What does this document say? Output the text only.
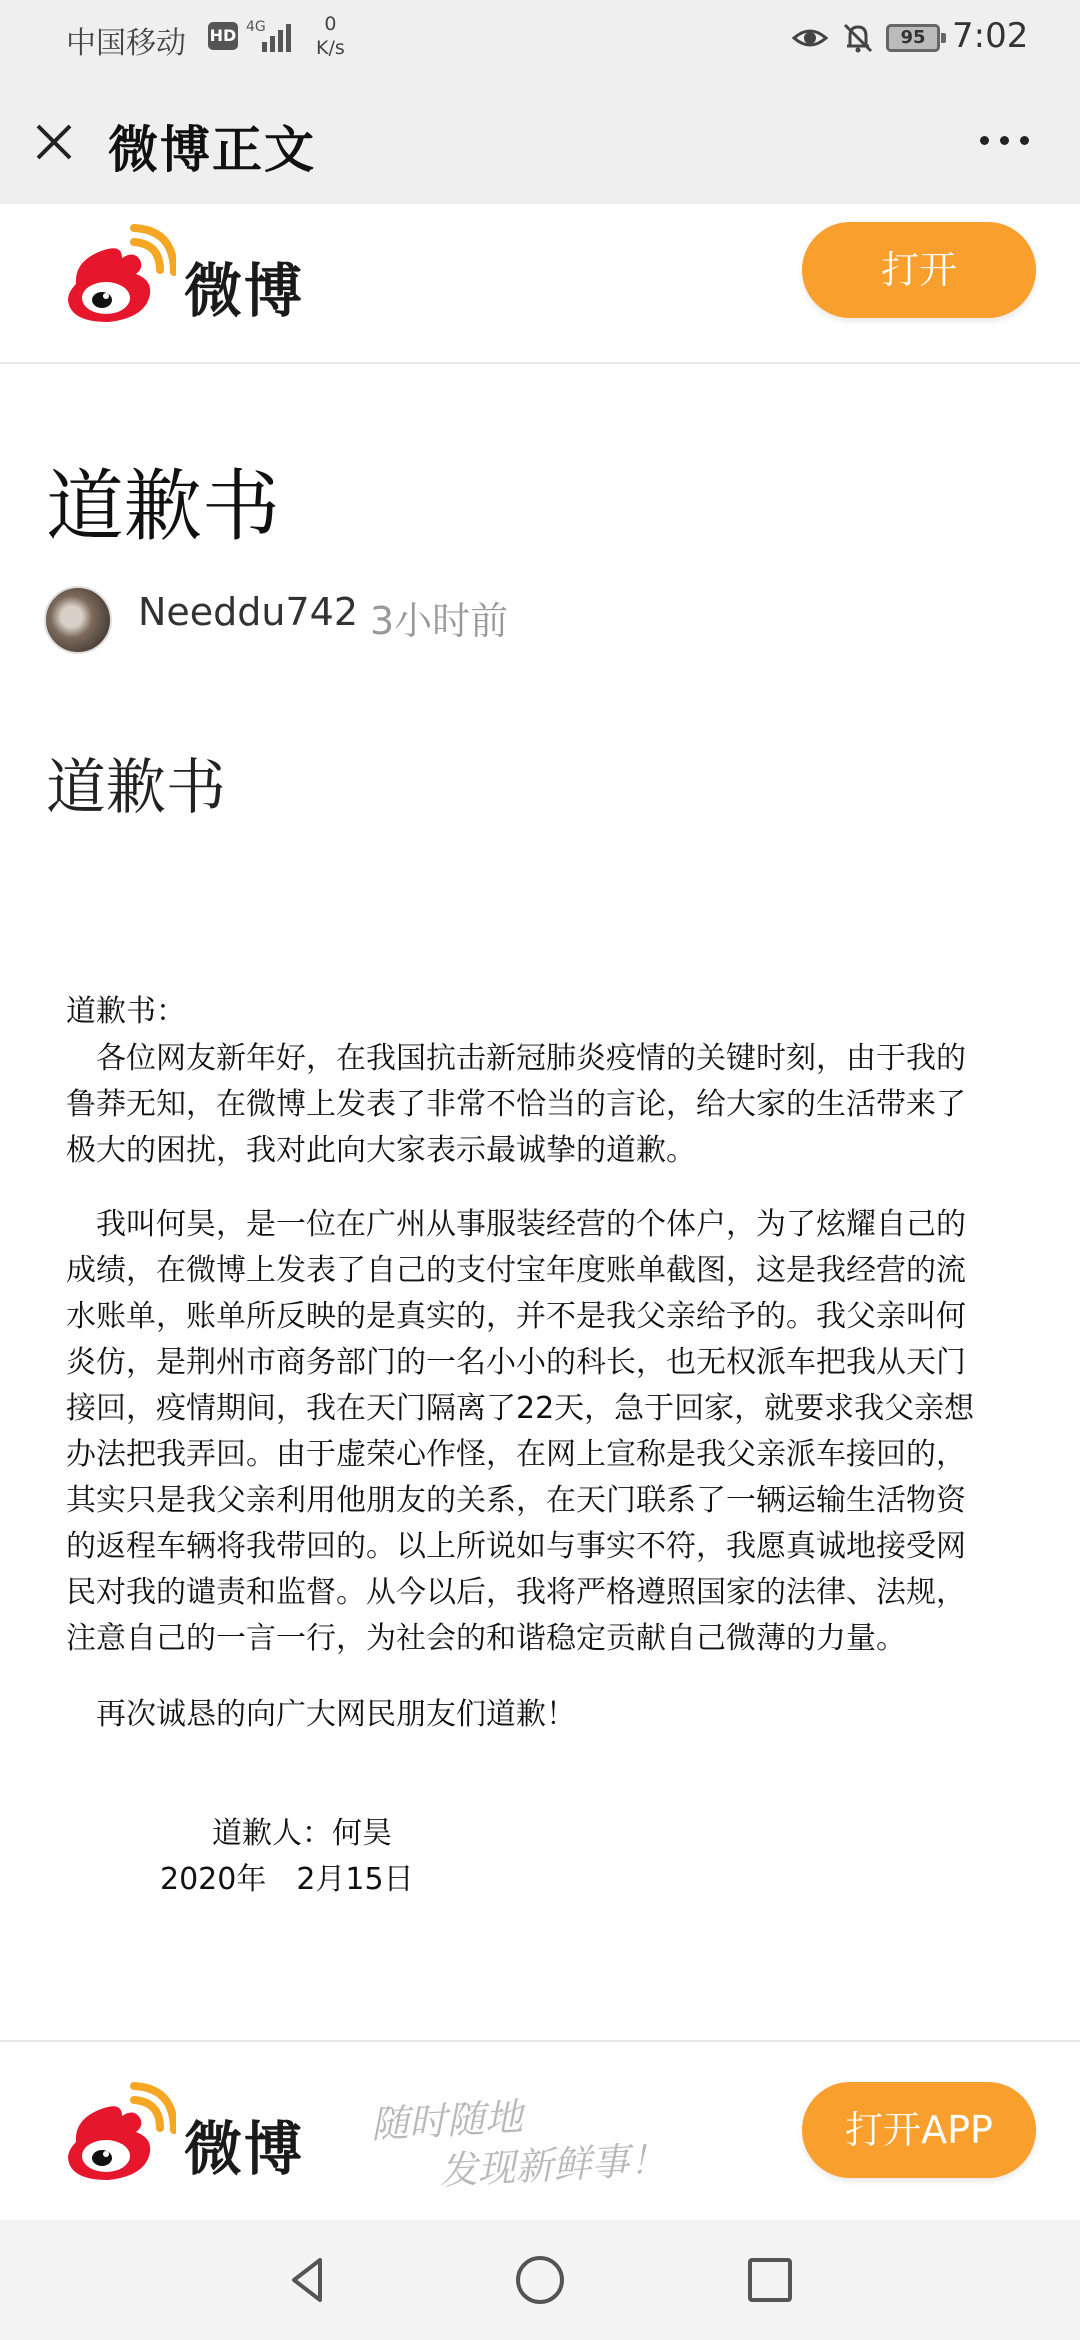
中国移动 HD 4G	0
K/s	95 7:02
微博正文
微博	打开
道歉书
Needdu742 3小时前
道歉书
道歉书：
　各位网友新年好，在我国抗击新冠肺炎疫情的关键时刻，由于我的
鲁莽无知，在微博上发表了非常不恰当的言论，给大家的生活带来了
极大的困扰，我对此向大家表示最诚挚的道歉。
　我叫何昊，是一位在广州从事服装经营的个体户，为了炫耀自己的
成绩，在微博上发表了自己的支付宝年度账单截图，这是我经营的流
水账单，账单所反映的是真实的，并不是我父亲给予的。我父亲叫何
炎仿，是荆州市商务部门的一名小小的科长，也无权派车把我从天门
接回，疫情期间，我在天门隔离了22天，急于回家，就要求我父亲想
办法把我弄回。由于虚荣心作怪，在网上宣称是我父亲派车接回的，
其实只是我父亲利用他朋友的关系，在天门联系了一辆运输生活物资
的返程车辆将我带回的。以上所说如与事实不符，我愿真诚地接受网
民对我的谴责和监督。从今以后，我将严格遵照国家的法律、法规，
注意自己的一言一行，为社会的和谐稳定贡献自己微薄的力量。
　再次诚恳的向广大网民朋友们道歉！
道歉人：何昊
2020年　2月15日
微博 随时随地
发现新鲜事！
打开APP
